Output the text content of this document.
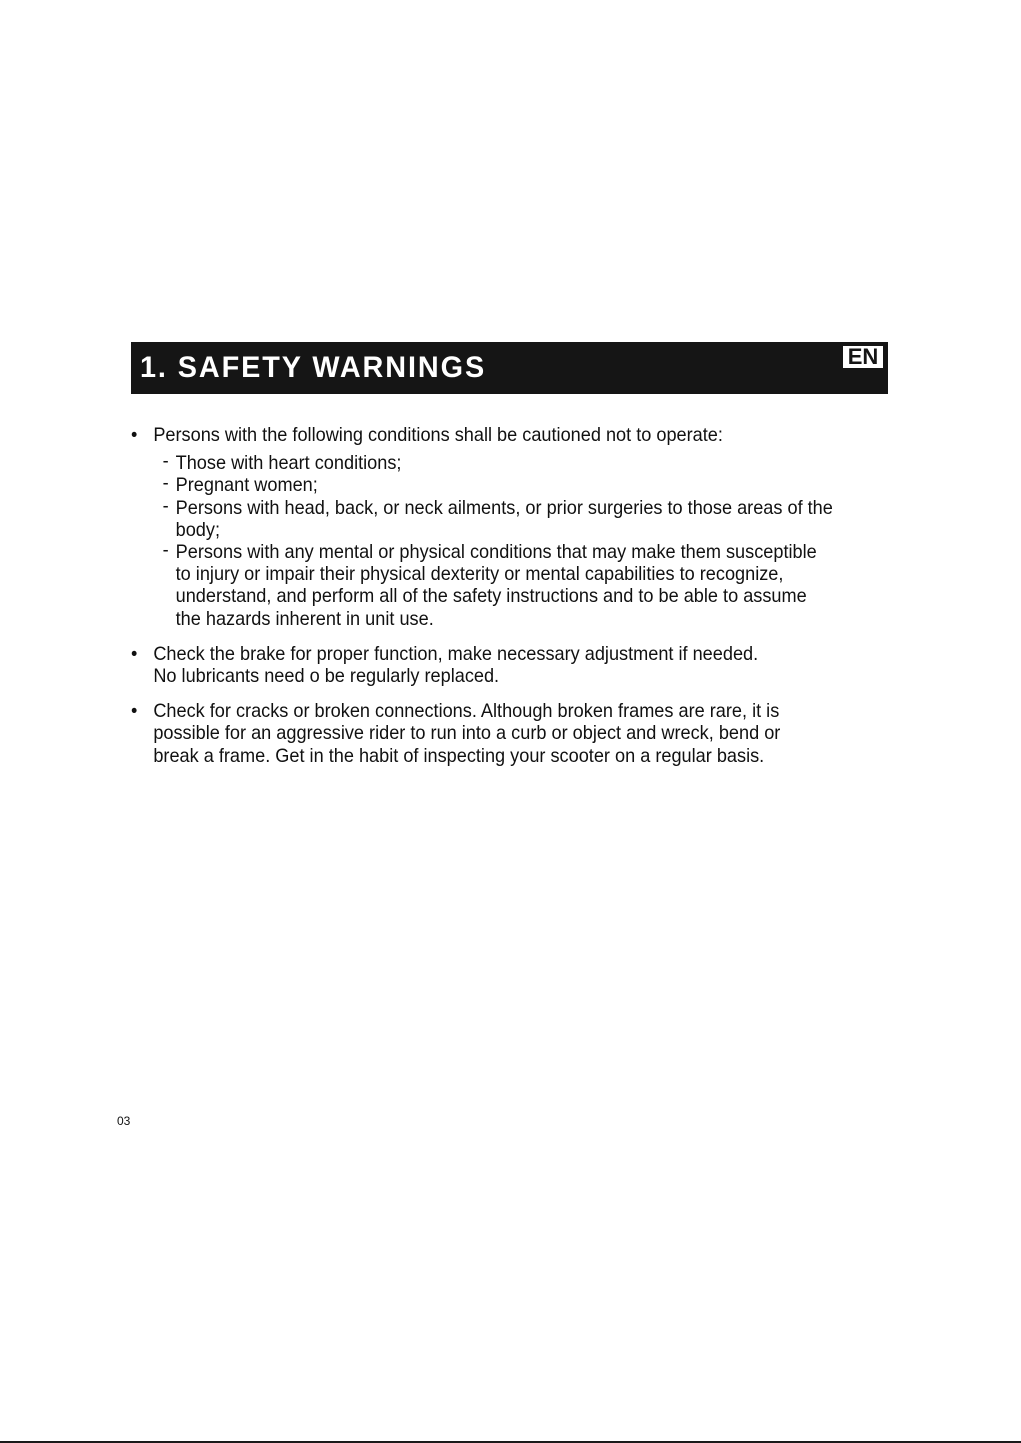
1. SAFETY WARNINGS	EN
• Persons with the following conditions shall be cautioned not to operate:
- Those with heart conditions;
- Pregnant women;
- Persons with head, back, or neck ailments, or prior surgeries to those areas of the
body;
- Persons with any mental or physical conditions that may make them susceptible
to injury or impair their physical dexterity or mental capabilities to recognize,
understand, and perform all of the safety instructions and to be able to assume
the hazards inherent in unit use.
• Check the brake for proper function, make necessary adjustment if needed.
No lubricants need o be regularly replaced.
• Check for cracks or broken connections. Although broken frames are rare, it is
possible for an aggressive rider to run into a curb or object and wreck, bend or
break a frame. Get in the habit of inspecting your scooter on a regular basis.
03
